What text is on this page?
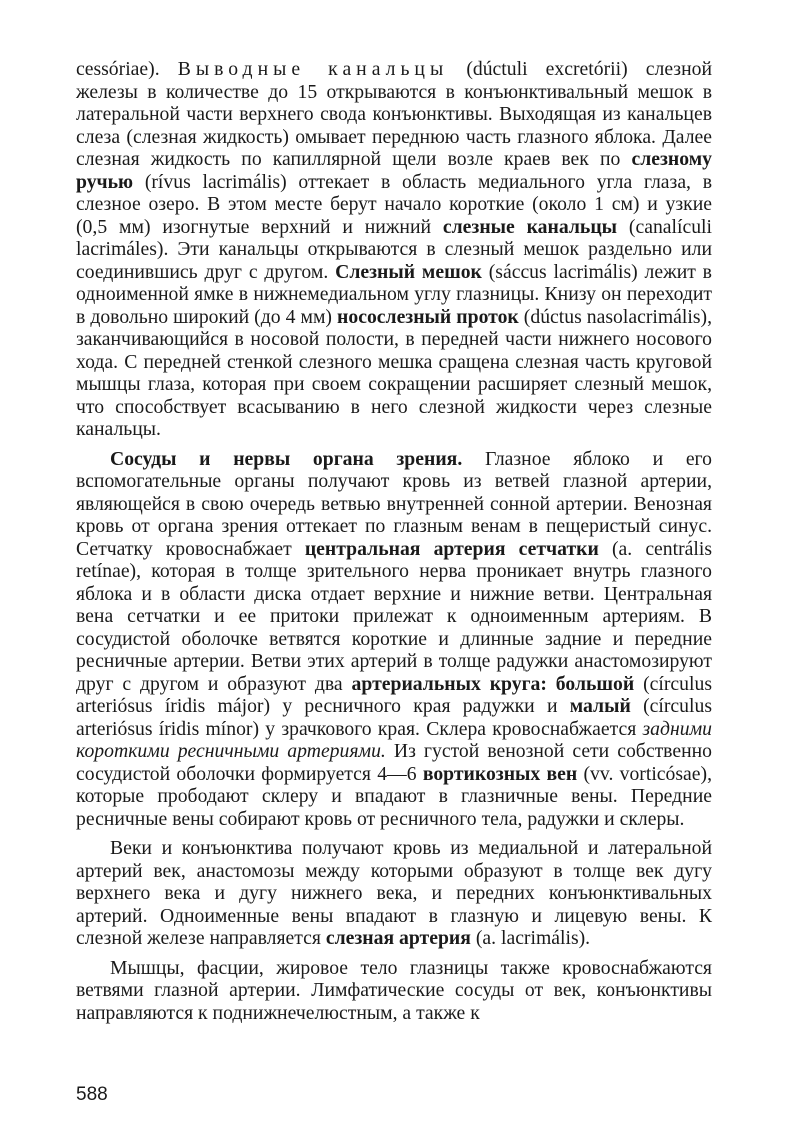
cessóriae). Выводные канальцы (dúctuli excretórii) слезной железы в количестве до 15 открываются в конъюнктивальный мешок в латеральной части верхнего свода конъюнктивы. Выходящая из канальцев слеза (слезная жидкость) омывает переднюю часть глазного яблока. Далее слезная жидкость по капиллярной щели возле краев век по слезному ручью (rívus lacrimális) оттекает в область медиального угла глаза, в слезное озеро. В этом месте берут начало короткие (около 1 см) и узкие (0,5 мм) изогнутые верхний и нижний слезные канальцы (canalículi lacrimáles). Эти канальцы открываются в слезный мешок раздельно или соединившись друг с другом. Слезный мешок (sáccus lacrimális) лежит в одноименной ямке в нижнемедиальном углу глазницы. Книзу он переходит в довольно широкий (до 4 мм) носослезный проток (dúctus nasolacrimális), заканчивающийся в носовой полости, в передней части нижнего носового хода. С передней стенкой слезного мешка сращена слезная часть круговой мышцы глаза, которая при своем сокращении расширяет слезный мешок, что способствует всасыванию в него слезной жидкости через слезные канальцы.

Сосуды и нервы органа зрения. Глазное яблоко и его вспомогательные органы получают кровь из ветвей глазной артерии, являющейся в свою очередь ветвью внутренней сонной артерии. Венозная кровь от органа зрения оттекает по глазным венам в пещеристый синус. Сетчатку кровоснабжает центральная артерия сетчатки (a. centrális retínae), которая в толще зрительного нерва проникает внутрь глазного яблока и в области диска отдает верхние и нижние ветви. Центральная вена сетчатки и ее притоки прилежат к одноименным артериям. В сосудистой оболочке ветвятся короткие и длинные задние и передние ресничные артерии. Ветви этих артерий в толще радужки анастомозируют друг с другом и образуют два артериальных круга: большой (círculus arteriósus íridis májor) у ресничного края радужки и малый (círculus arteriósus íridis mínor) у зрачкового края. Склера кровоснабжается задними короткими ресничными артериями. Из густой венозной сети собственно сосудистой оболочки формируется 4—6 вортикозных вен (vv. vorticósae), которые прободают склеру и впадают в глазничные вены. Передние ресничные вены собирают кровь от ресничного тела, радужки и склеры.

Веки и конъюнктива получают кровь из медиальной и латеральной артерий век, анастомозы между которыми образуют в толще век дугу верхнего века и дугу нижнего века, и передних конъюнктивальных артерий. Одноименные вены впадают в глазную и лицевую вены. К слезной железе направляется слезная артерия (a. lacrimális).

Мышцы, фасции, жировое тело глазницы также кровоснабжаются ветвями глазной артерии. Лимфатические сосуды от век, конъюнктивы направляются к поднижнечелюстным, а также к

588
